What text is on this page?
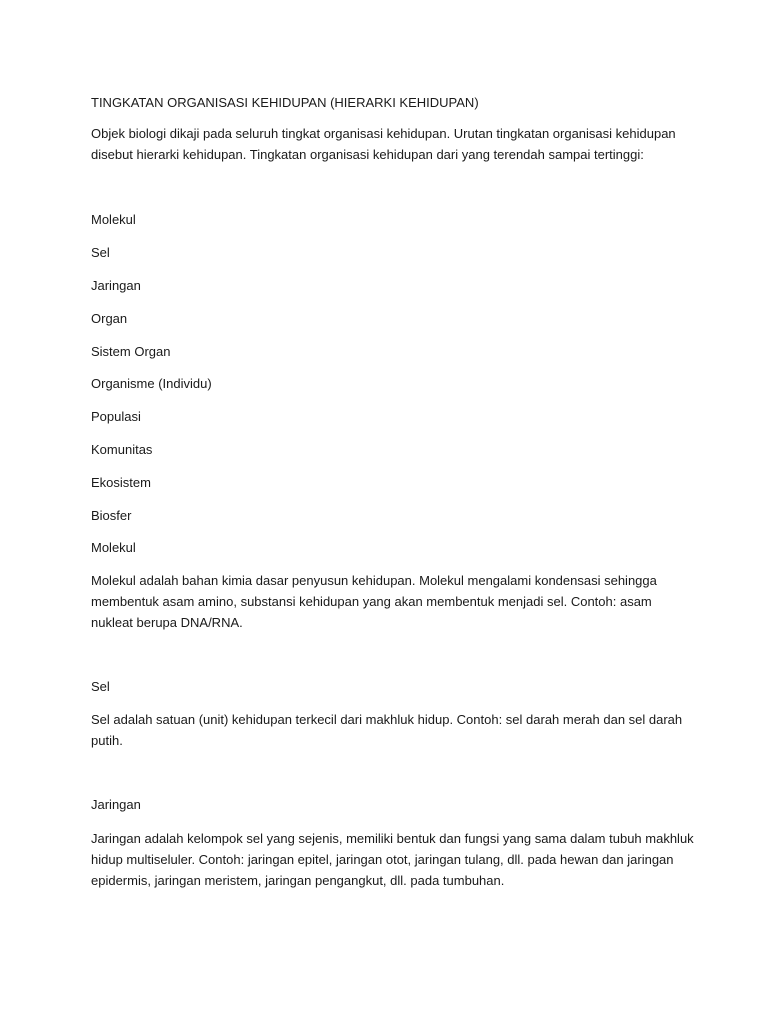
TINGKATAN ORGANISASI KEHIDUPAN (HIERARKI KEHIDUPAN)

Objek biologi dikaji pada seluruh tingkat organisasi kehidupan. Urutan tingkatan organisasi kehidupan

disebut hierarki kehidupan. Tingkatan organisasi kehidupan dari yang terendah sampai tertinggi:

Molekul

Sel

Jaringan

Organ

Sistem Organ

Organisme (Individu)

Populasi

Komunitas

Ekosistem

Biosfer

Molekul

Molekul adalah bahan kimia dasar penyusun kehidupan. Molekul mengalami kondensasi sehingga

membentuk asam amino, substansi kehidupan yang akan membentuk menjadi sel. Contoh: asam

nukleat berupa DNA/RNA.

Sel

Sel adalah satuan (unit) kehidupan terkecil dari makhluk hidup. Contoh: sel darah merah dan sel darah

putih.

Jaringan

Jaringan adalah kelompok sel yang sejenis, memiliki bentuk dan fungsi yang sama dalam tubuh makhluk

hidup multiseluler. Contoh: jaringan epitel, jaringan otot, jaringan tulang, dll. pada hewan dan jaringan

epidermis, jaringan meristem, jaringan pengangkut, dll. pada tumbuhan.
